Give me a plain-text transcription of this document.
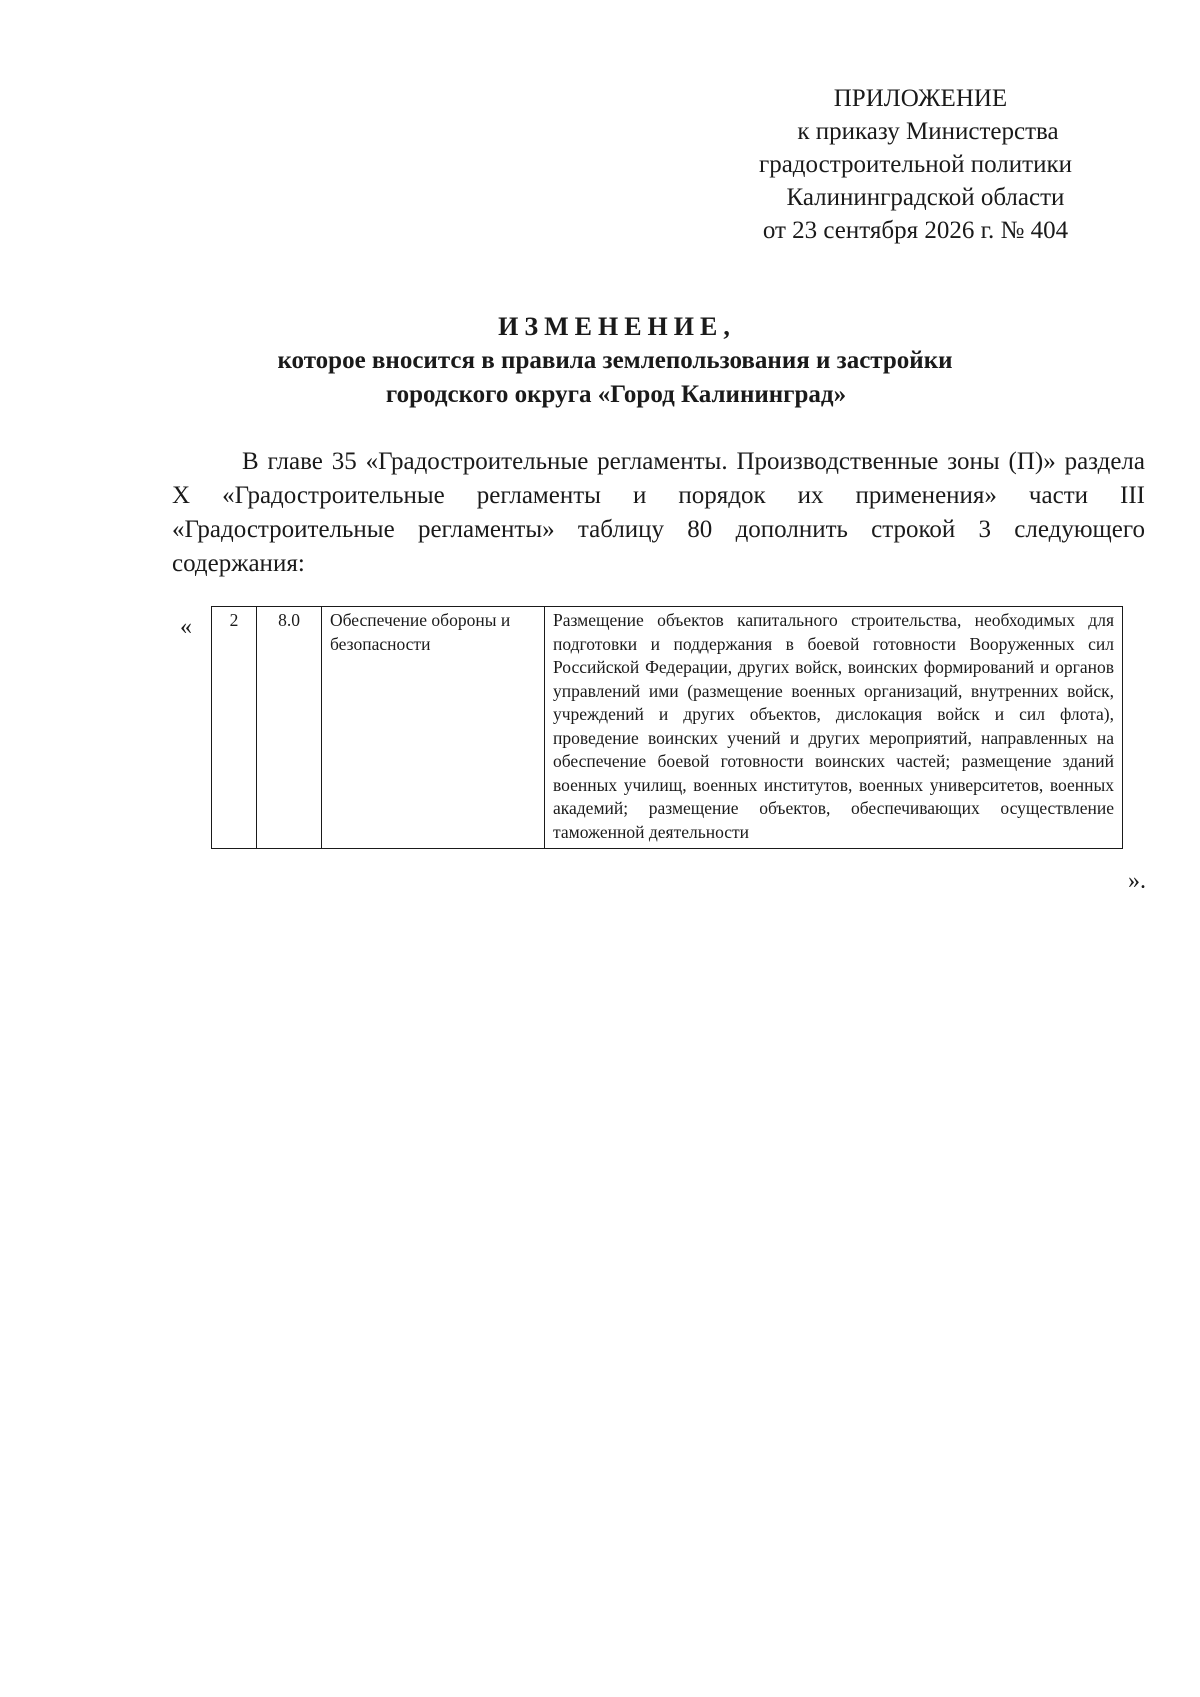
ПРИЛОЖЕНИЕ
к приказу Министерства
градостроительной политики
Калининградской области
от 23 сентября 2026 г. № 404
ИЗМЕНЕНИЕ,
которое вносится в правила землепользования и застройки
городского округа «Город Калининград»

В главе 35 «Градостроительные регламенты. Производственные зоны (П)» раздела X «Градостроительные регламенты и порядок их применения» части III «Градостроительные регламенты» таблицу 80 дополнить строкой 3 следующего содержания:

« 2	8.0	Обеспечение обороны и безопасности	Размещение объектов капитального строительства, необходимых для подготовки и поддержания в боевой готовности Вооруженных сил Российской Федерации, других войск, воинских формирований и органов управлений ими (размещение военных организаций, внутренних войск, учреждений и других объектов, дислокация войск и сил флота), проведение воинских учений и других мероприятий, направленных на обеспечение боевой готовности воинских частей; размещение зданий военных училищ, военных институтов, военных университетов, военных академий; размещение объектов, обеспечивающих осуществление таможенной деятельности
».
